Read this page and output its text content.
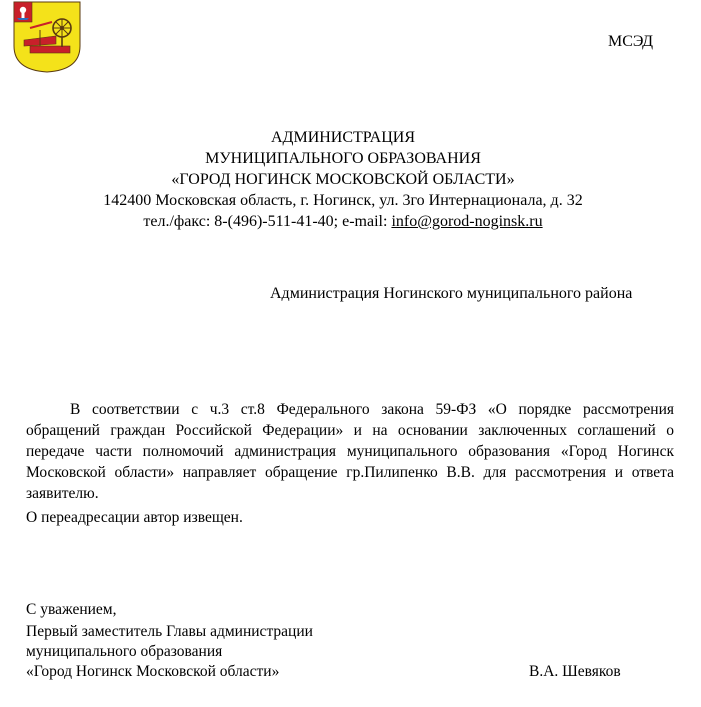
МСЭД
АДМИНИСТРАЦИЯ
МУНИЦИПАЛЬНОГО ОБРАЗОВАНИЯ
«ГОРОД НОГИНСК МОСКОВСКОЙ ОБЛАСТИ»
142400 Московская область, г. Ногинск, ул. 3го Интернационала, д. 32
тел./факс: 8-(496)-511-41-40; e-mail: info@gorod-noginsk.ru
Администрация Ногинского муниципального района

В соответствии с ч.3 ст.8 Федерального закона 59-ФЗ «О порядке рассмотрения обращений граждан Российской Федерации» и на основании заключенных соглашений о передаче части полномочий администрация муниципального образования «Город Ногинск Московской области» направляет обращение гр.Пилипенко В.В. для рассмотрения и ответа заявителю.

О переадресации автор извещен.
С уважением,
Первый заместитель Главы администрации
муниципального образования
«Город Ногинск Московской области»	В.А. Шевяков
